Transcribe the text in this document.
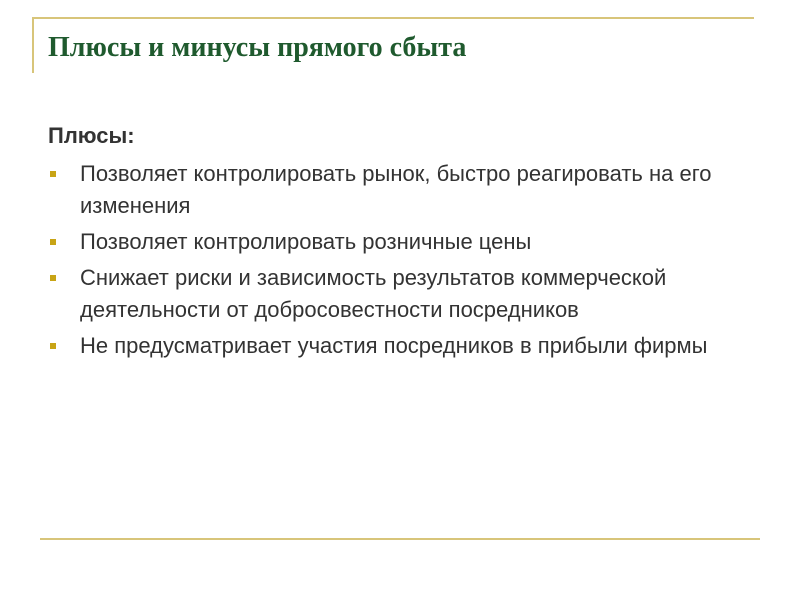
Плюсы и минусы прямого сбыта
Плюсы:
Позволяет контролировать рынок, быстро реагировать на его изменения
Позволяет контролировать розничные цены
Снижает риски и зависимость результатов коммерческой деятельности от добросовестности посредников
Не предусматривает участия посредников в прибыли фирмы
